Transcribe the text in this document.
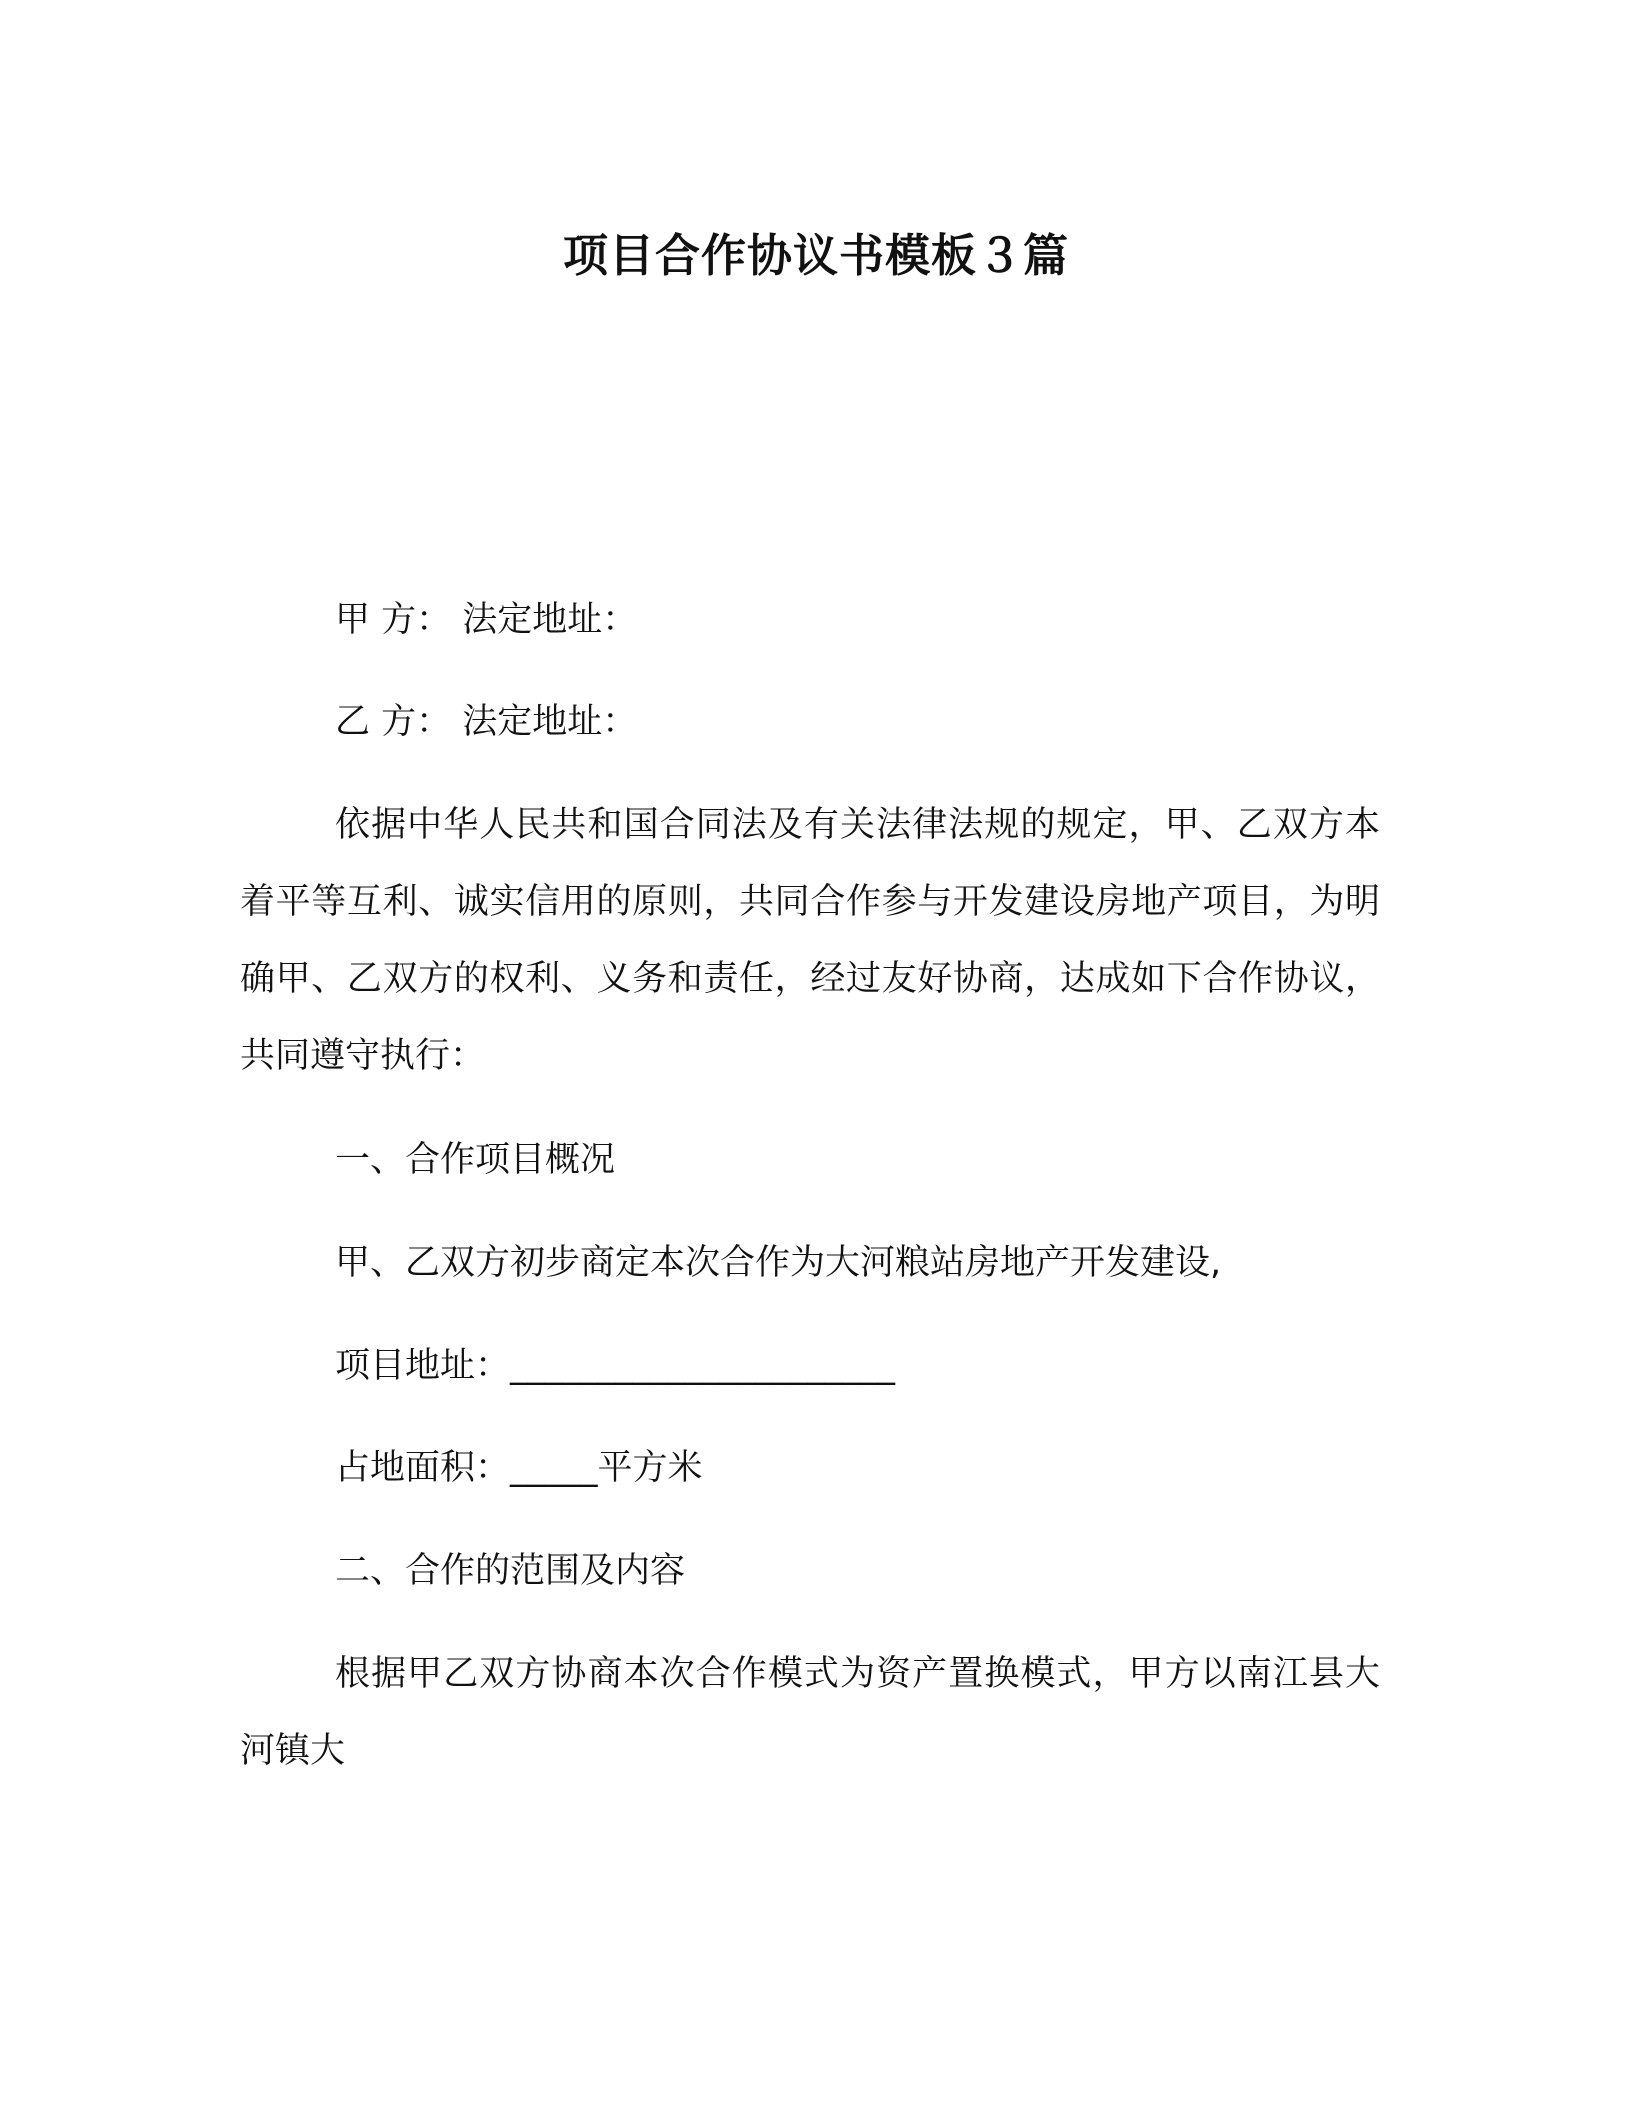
项目合作协议书模板３篇
甲 方： 法定地址：
乙 方： 法定地址：
依据中华人民共和国合同法及有关法律法规的规定，甲、乙双方本着平等互利、诚实信用的原则，共同合作参与开发建设房地产项目，为明确甲、乙双方的权利、义务和责任，经过友好协商，达成如下合作协议，共同遵守执行：
一、合作项目概况
甲、乙双方初步商定本次合作为大河粮站房地产开发建设,
项目地址：______________________
占地面积：_____平方米
二、合作的范围及内容
根据甲乙双方协商本次合作模式为资产置换模式，甲方以南江县大河镇大
